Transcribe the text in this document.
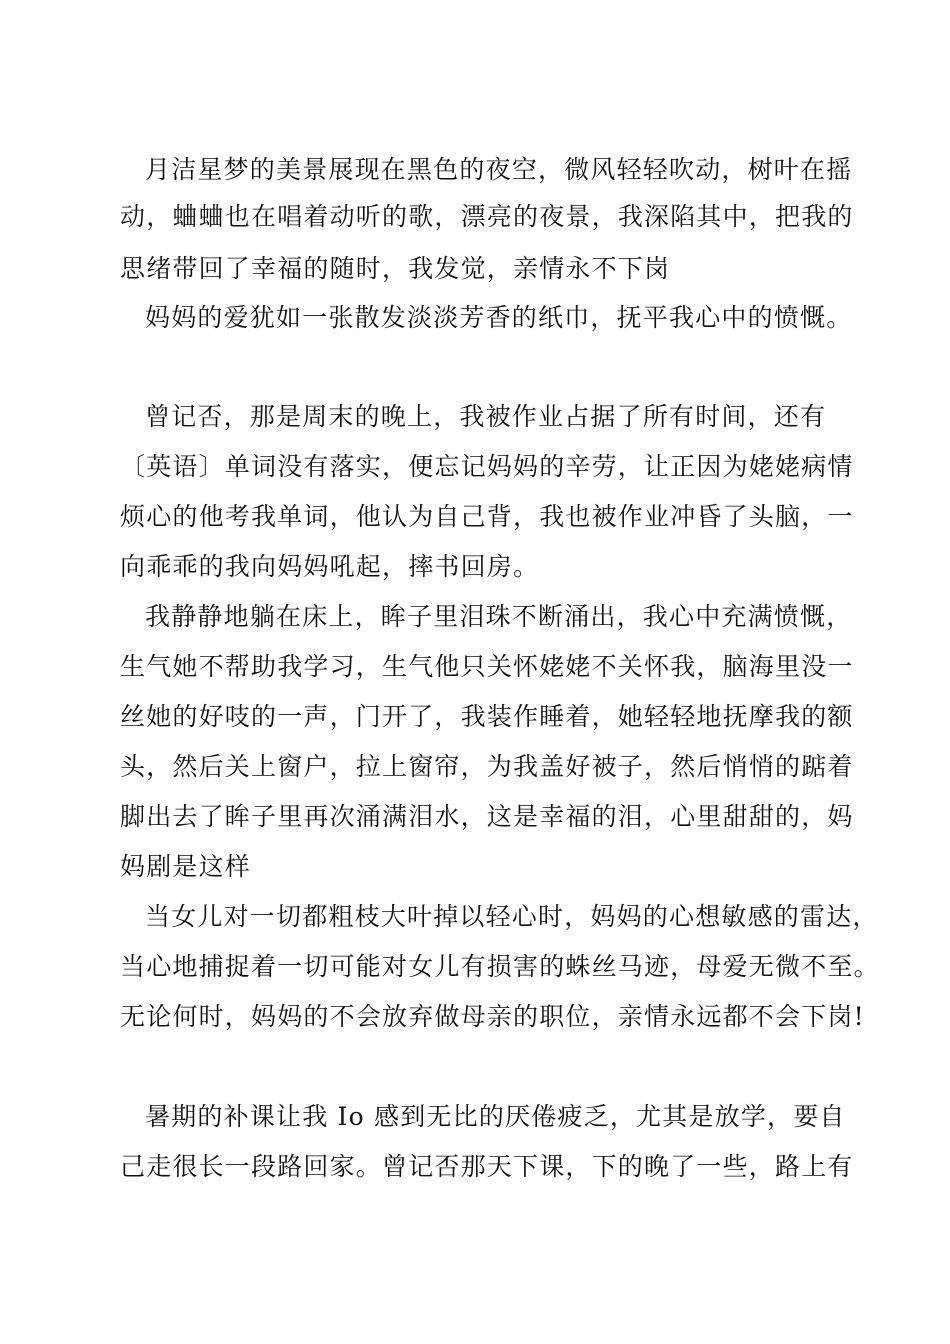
月洁星梦的美景展现在黑色的夜空，微风轻轻吹动，树叶在摇
动，蛐蛐也在唱着动听的歌，漂亮的夜景，我深陷其中，把我的
思绪带回了幸福的随时，我发觉，亲情永不下岗
妈妈的爱犹如一张散发淡淡芳香的纸巾，抚平我心中的愤慨。
曾记否，那是周末的晚上，我被作业占据了所有时间，还有
〔英语〕单词没有落实，便忘记妈妈的辛劳，让正因为姥姥病情
烦心的他考我单词，他认为自己背，我也被作业冲昏了头脑，一
向乖乖的我向妈妈吼起，摔书回房。
我静静地躺在床上，眸子里泪珠不断涌出，我心中充满愤慨，
生气她不帮助我学习，生气他只关怀姥姥不关怀我，脑海里没一
丝她的好吱的一声，门开了，我装作睡着，她轻轻地抚摩我的额
头，然后关上窗户，拉上窗帘，为我盖好被子，然后悄悄的踮着
脚出去了眸子里再次涌满泪水，这是幸福的泪，心里甜甜的，妈
妈剧是这样
当女儿对一切都粗枝大叶掉以轻心时，妈妈的心想敏感的雷达，
当心地捕捉着一切可能对女儿有损害的蛛丝马迹，母爱无微不至。
无论何时，妈妈的不会放弃做母亲的职位，亲情永远都不会下岗!
暑期的补课让我 Io 感到无比的厌倦疲乏，尤其是放学，要自
己走很长一段路回家。曾记否那天下课，下的晚了一些，路上有
